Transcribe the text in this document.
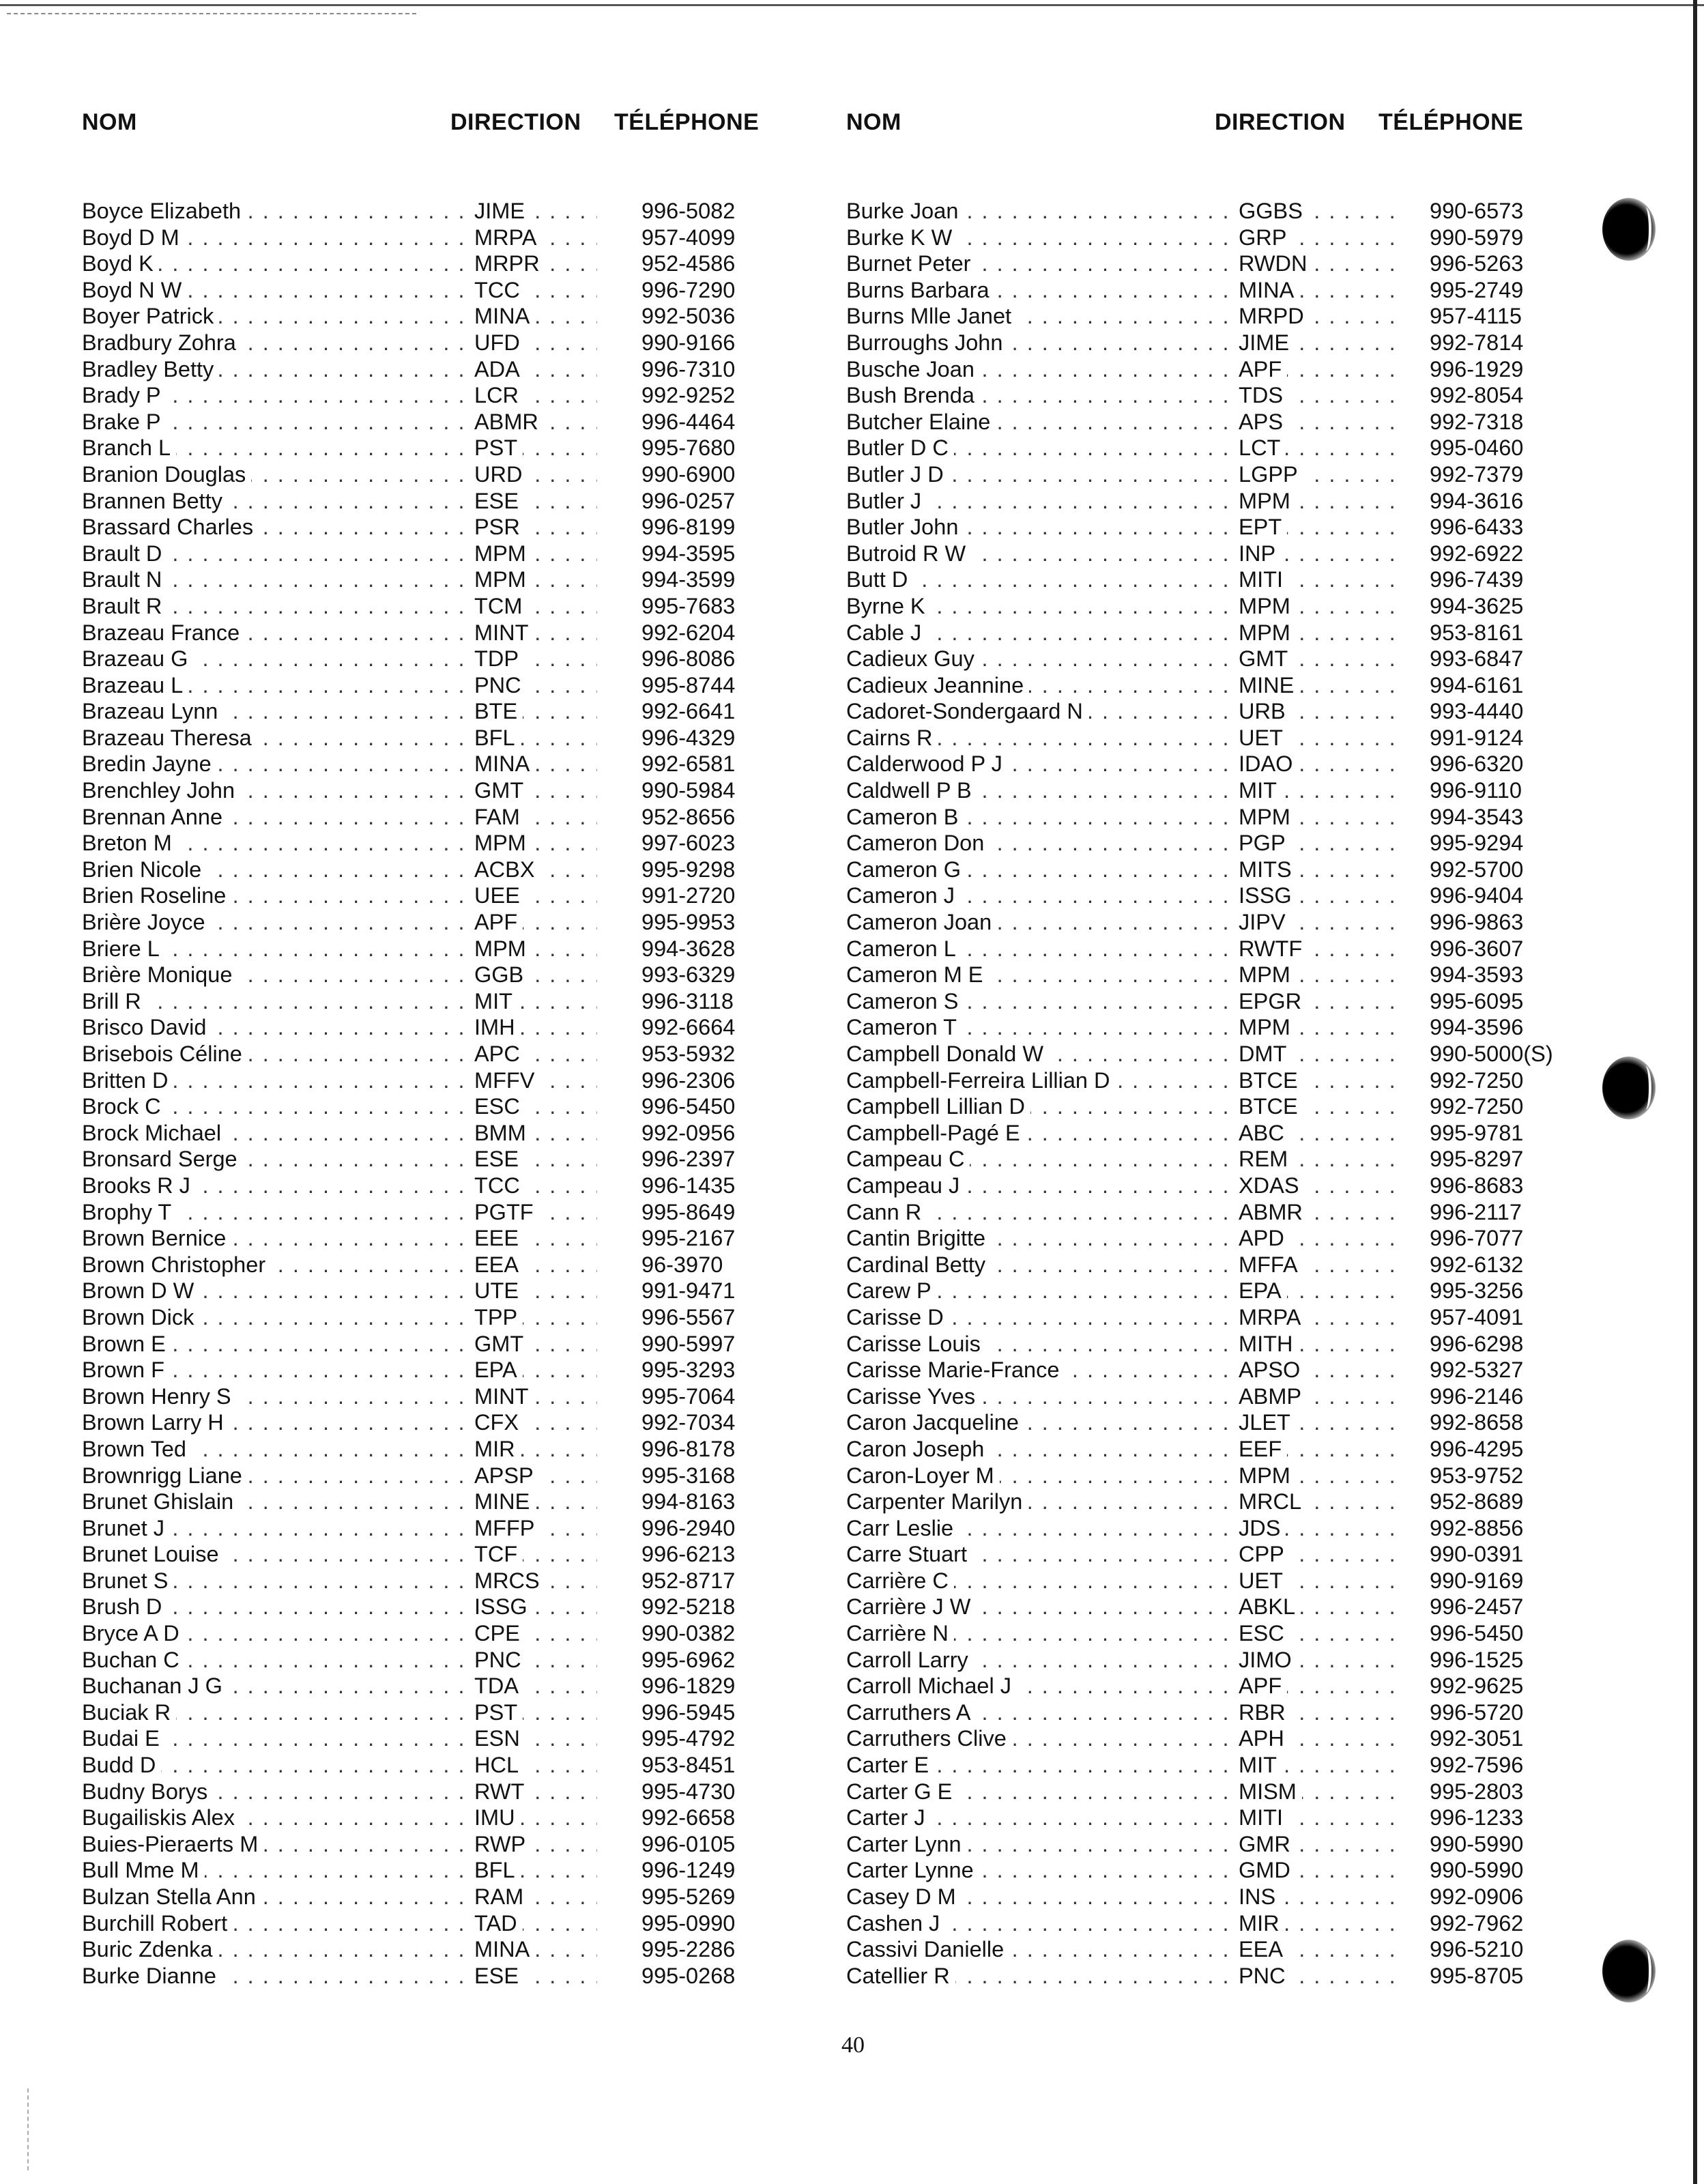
NOM	DIRECTION TÉLÉPHONE
Boyce Elizabeth . . .	JIME . . .	996-5082
Boyd D M . . .	MRPA . . .	957-4099
Boyd K . . .	MRPR . . .	952-4586
Boyd N W . . .	TCC . . .	996-7290
Boyer Patrick . . .	MINA . . .	992-5036
Bradbury Zohra . . .	UFD . . .	990-9166
Bradley Betty . . .	ADA . . .	996-7310
Brady P . . .	LCR . . .	992-9252
Brake P . . .	ABMR . . .	996-4464
Branch L . . .	PST . . .	995-7680
Branion Douglas . . .	URD . . .	990-6900
Brannen Betty . . .	ESE . . .	996-0257
Brassard Charles . . .	PSR . . .	996-8199
Brault D . . .	MPM . . .	994-3595
Brault N . . .	MPM . . .	994-3599
Brault R . . .	TCM . . .	995-7683
Brazeau France . . .	MINT . . .	992-6204
Brazeau G . . .	TDP . . .	996-8086
Brazeau L . . .	PNC . . .	995-8744
Brazeau Lynn . . .	BTE . . .	992-6641
Brazeau Theresa . . .	BFL . . .	996-4329
Bredin Jayne . . .	MINA . . .	992-6581
Brenchley John . . .	GMT . . .	990-5984
Brennan Anne . . .	FAM . . .	952-8656
Breton M . . .	MPM . . .	997-6023
Brien Nicole . . .	ACBX . . .	995-9298
Brien Roseline . . .	UEE . . .	991-2720
Brière Joyce . . .	APF . . .	995-9953
Briere L . . .	MPM . . .	994-3628
Brière Monique . . .	GGB . . .	993-6329
Brill R . . .	MIT . . .	996-3118
Brisco David . . .	IMH . . .	992-6664
Brisebois Céline . . .	APC . . .	953-5932
Britten D . . .	MFFV . . .	996-2306
Brock C . . .	ESC . . .	996-5450
Brock Michael . . .	BMM . . .	992-0956
Bronsard Serge . . .	ESE . . .	996-2397
Brooks R J . . .	TCC . . .	996-1435
Brophy T . . .	PGTF . . .	995-8649
Brown Bernice . . .	EEE . . .	995-2167
Brown Christopher . . .	EEA . . .	96-3970
Brown D W . . .	UTE . . .	991-9471
Brown Dick . . .	TPP . . .	996-5567
Brown E . . .	GMT . . .	990-5997
Brown F . . .	EPA . . .	995-3293
Brown Henry S . . .	MINT . . .	995-7064
Brown Larry H . . .	CFX . . .	992-7034
Brown Ted . . .	MIR . . .	996-8178
Brownrigg Liane . . .	APSP . . .	995-3168
Brunet Ghislain . . .	MINE . . .	994-8163
Brunet J . . .	MFFP . . .	996-2940
Brunet Louise . . .	TCF . . .	996-6213
Brunet S . . .	MRCS . . .	952-8717
Brush D . . .	ISSG . . .	992-5218
Bryce A D . . .	CPE . . .	990-0382
Buchan C . . .	PNC . . .	995-6962
Buchanan J G . . .	TDA . . .	996-1829
Buciak R . . .	PST . . .	996-5945
Budai E . . .	ESN . . .	995-4792
Budd D . . .	HCL . . .	953-8451
Budny Borys . . .	RWT . . .	995-4730
Bugailiskis Alex . . .	IMU . . .	992-6658
Buies-Pieraerts M . . .	RWP . . .	996-0105
Bull Mme M . . .	BFL . . .	996-1249
Bulzan Stella Ann . . .	RAM . . .	995-5269
Burchill Robert . . .	TAD . . .	995-0990
Buric Zdenka . . .	MINA . . .	995-2286
Burke Dianne . . .	ESE . . .	995-0268
NOM	DIRECTION TÉLÉPHONE
Burke Joan . . .	GGBS . . .	990-6573
Burke K W . . .	GRP . . .	990-5979
Burnet Peter . . .	RWDN . . .	996-5263
Burns Barbara . . .	MINA . . .	995-2749
Burns Mlle Janet . . .	MRPD . . .	957-4115
Burroughs John . . .	JIME . . .	992-7814
Busche Joan . . .	APF . . .	996-1929
Bush Brenda . . .	TDS . . .	992-8054
Butcher Elaine . . .	APS . . .	992-7318
Butler D C . . .	LCT . . .	995-0460
Butler J D . . .	LGPP . . .	992-7379
Butler J . . .	MPM . . .	994-3616
Butler John . . .	EPT . . .	996-6433
Butroid R W . . .	INP . . .	992-6922
Butt D . . .	MITI . . .	996-7439
Byrne K . . .	MPM . . .	994-3625
Cable J . . .	MPM . . .	953-8161
Cadieux Guy . . .	GMT . . .	993-6847
Cadieux Jeannine . . .	MINE . . .	994-6161
Cadoret-Sondergaard N . . .	URB . . .	993-4440
Cairns R . . .	UET . . .	991-9124
Calderwood P J . . .	IDAO . . .	996-6320
Caldwell P B . . .	MIT . . .	996-9110
Cameron B . . .	MPM . . .	994-3543
Cameron Don . . .	PGP . . .	995-9294
Cameron G . . .	MITS . . .	992-5700
Cameron J . . .	ISSG . . .	996-9404
Cameron Joan . . .	JIPV . . .	996-9863
Cameron L . . .	RWTF . . .	996-3607
Cameron M E . . .	MPM . . .	994-3593
Cameron S . . .	EPGR . . .	995-6095
Cameron T . . .	MPM . . .	994-3596
Campbell Donald W . . .	DMT . . .	990-5000(S)
Campbell-Ferreira Lillian D . . .	BTCE . . .	992-7250
Campbell Lillian D . . .	BTCE . . .	992-7250
Campbell-Pagé E . . .	ABC . . .	995-9781
Campeau C . . .	REM . . .	995-8297
Campeau J . . .	XDAS . . .	996-8683
Cann R . . .	ABMR . . .	996-2117
Cantin Brigitte . . .	APD . . .	996-7077
Cardinal Betty . . .	MFFA . . .	992-6132
Carew P . . .	EPA . . .	995-3256
Carisse D . . .	MRPA . . .	957-4091
Carisse Louis . . .	MITH . . .	996-6298
Carisse Marie-France . . .	APSO . . .	992-5327
Carisse Yves . . .	ABMP . . .	996-2146
Caron Jacqueline . . .	JLET . . .	992-8658
Caron Joseph . . .	EEF . . .	996-4295
Caron-Loyer M . . .	MPM . . .	953-9752
Carpenter Marilyn . . .	MRCL . . .	952-8689
Carr Leslie . . .	JDS . . .	992-8856
Carre Stuart . . .	CPP . . .	990-0391
Carrière C . . .	UET . . .	990-9169
Carrière J W . . .	ABKL . . .	996-2457
Carrière N . . .	ESC . . .	996-5450
Carroll Larry . . .	JIMO . . .	996-1525
Carroll Michael J . . .	APF . . .	992-9625
Carruthers A . . .	RBR . . .	996-5720
Carruthers Clive . . .	APH . . .	992-3051
Carter E . . .	MIT . . .	992-7596
Carter G E . . .	MISM . . .	995-2803
Carter J . . .	MITI . . .	996-1233
Carter Lynn . . .	GMR . . .	990-5990
Carter Lynne . . .	GMD . . .	990-5990
Casey D M . . .	INS . . .	992-0906
Cashen J . . .	MIR . . .	992-7962
Cassivi Danielle . . .	EEA . . .	996-5210
Catellier R . . .	PNC . . .	995-8705
40
